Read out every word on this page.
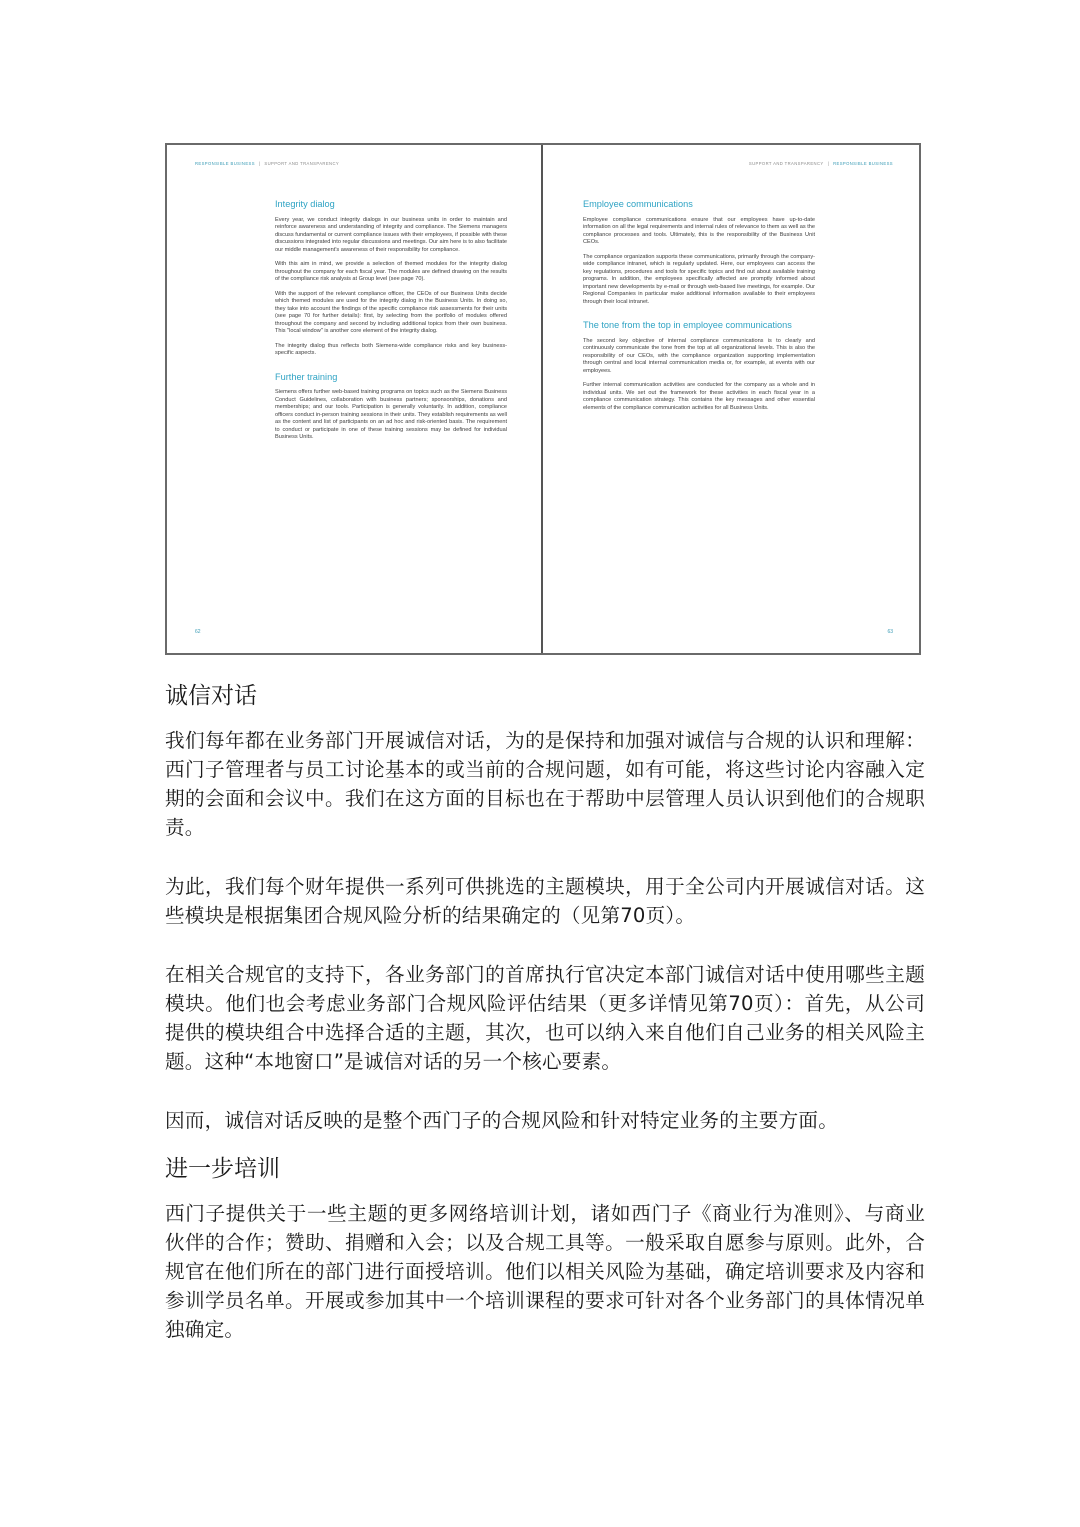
RESPONSIBLE BUSINESS | SUPPORT AND TRANSPARENCY
Integrity dialog

Every year, we conduct integrity dialogs in our business units in order to maintain and reinforce awareness and understanding of integrity and compliance. The Siemens managers discuss fundamental or current compliance issues with their employees, if possible with these discussions integrated into regular discussions and meetings. Our aim here is to also facilitate our middle management's awareness of their responsibility for compliance.

With this aim in mind, we provide a selection of themed modules for the integrity dialog throughout the company for each fiscal year. The modules are defined drawing on the results of the compliance risk analysis at Group level (see page 70).

With the support of the relevant compliance officer, the CEOs of our Business Units decide which themed modules are used for the integrity dialog in the Business Units. In doing so, they take into account the findings of the specific compliance risk assessments for their units (see page 70 for further details): first, by selecting from the portfolio of modules offered throughout the company and second by including additional topics from their own business. This "local window" is another core element of the integrity dialog.

The integrity dialog thus reflects both Siemens-wide compliance risks and key business-specific aspects.

Further training

Siemens offers further web-based training programs on topics such as the Siemens Business Conduct Guidelines, collaboration with business partners; sponsorships, donations and memberships; and our tools. Participation is generally voluntarily. In addition, compliance officers conduct in-person training sessions in their units. They establish requirements as well as the content and list of participants on an ad hoc and risk-oriented basis. The requirement to conduct or participate in one of these training sessions may be defined for individual Business Units.

62
SUPPORT AND TRANSPARENCY | RESPONSIBLE BUSINESS
Employee communications

Employee compliance communications ensure that our employees have up-to-date information on all the legal requirements and internal rules of relevance to them as well as the compliance processes and tools. Ultimately, this is the responsibility of the Business Unit CEOs.

The compliance organization supports these communications, primarily through the company-wide compliance intranet, which is regularly updated. Here, our employees can access the key regulations, procedures and tools for specific topics and find out about available training programs. In addition, the employees specifically affected are promptly informed about important new developments by e-mail or through web-based live meetings, for example. Our Regional Companies in particular make additional information available to their employees through their local intranet.

The tone from the top in employee communications

The second key objective of internal compliance communications is to clearly and continuously communicate the tone from the top at all organizational levels. This is also the responsibility of our CEOs, with the compliance organization supporting implementation through central and local internal communication media or, for example, at events with our employees.

Further internal communication activities are conducted for the company as a whole and in individual units. We set out the framework for these activities in each fiscal year in a compliance communication strategy. This contains the key messages and other essential elements of the compliance communication activities for all Business Units.

63
诚信对话

我们每年都在业务部门开展诚信对话，为的是保持和加强对诚信与合规的认识和理解：西门子管理者与员工讨论基本的或当前的合规问题，如有可能，将这些讨论内容融入定期的会面和会议中。我们在这方面的目标也在于帮助中层管理人员认识到他们的合规职责。

为此，我们每个财年提供一系列可供挑选的主题模块，用于全公司内开展诚信对话。这些模块是根据集团合规风险分析的结果确定的（见第70页）。

在相关合规官的支持下，各业务部门的首席执行官决定本部门诚信对话中使用哪些主题模块。他们也会考虑业务部门合规风险评估结果（更多详情见第70页）：首先，从公司提供的模块组合中选择合适的主题，其次，也可以纳入来自他们自己业务的相关风险主题。这种“本地窗口”是诚信对话的另一个核心要素。

因而，诚信对话反映的是整个西门子的合规风险和针对特定业务的主要方面。

进一步培训

西门子提供关于一些主题的更多网络培训计划，诸如西门子《商业行为准则》、与商业伙伴的合作；赞助、捐赠和入会；以及合规工具等。一般采取自愿参与原则。此外，合规官在他们所在的部门进行面授培训。他们以相关风险为基础，确定培训要求及内容和参训学员名单。开展或参加其中一个培训课程的要求可针对各个业务部门的具体情况单独确定。
